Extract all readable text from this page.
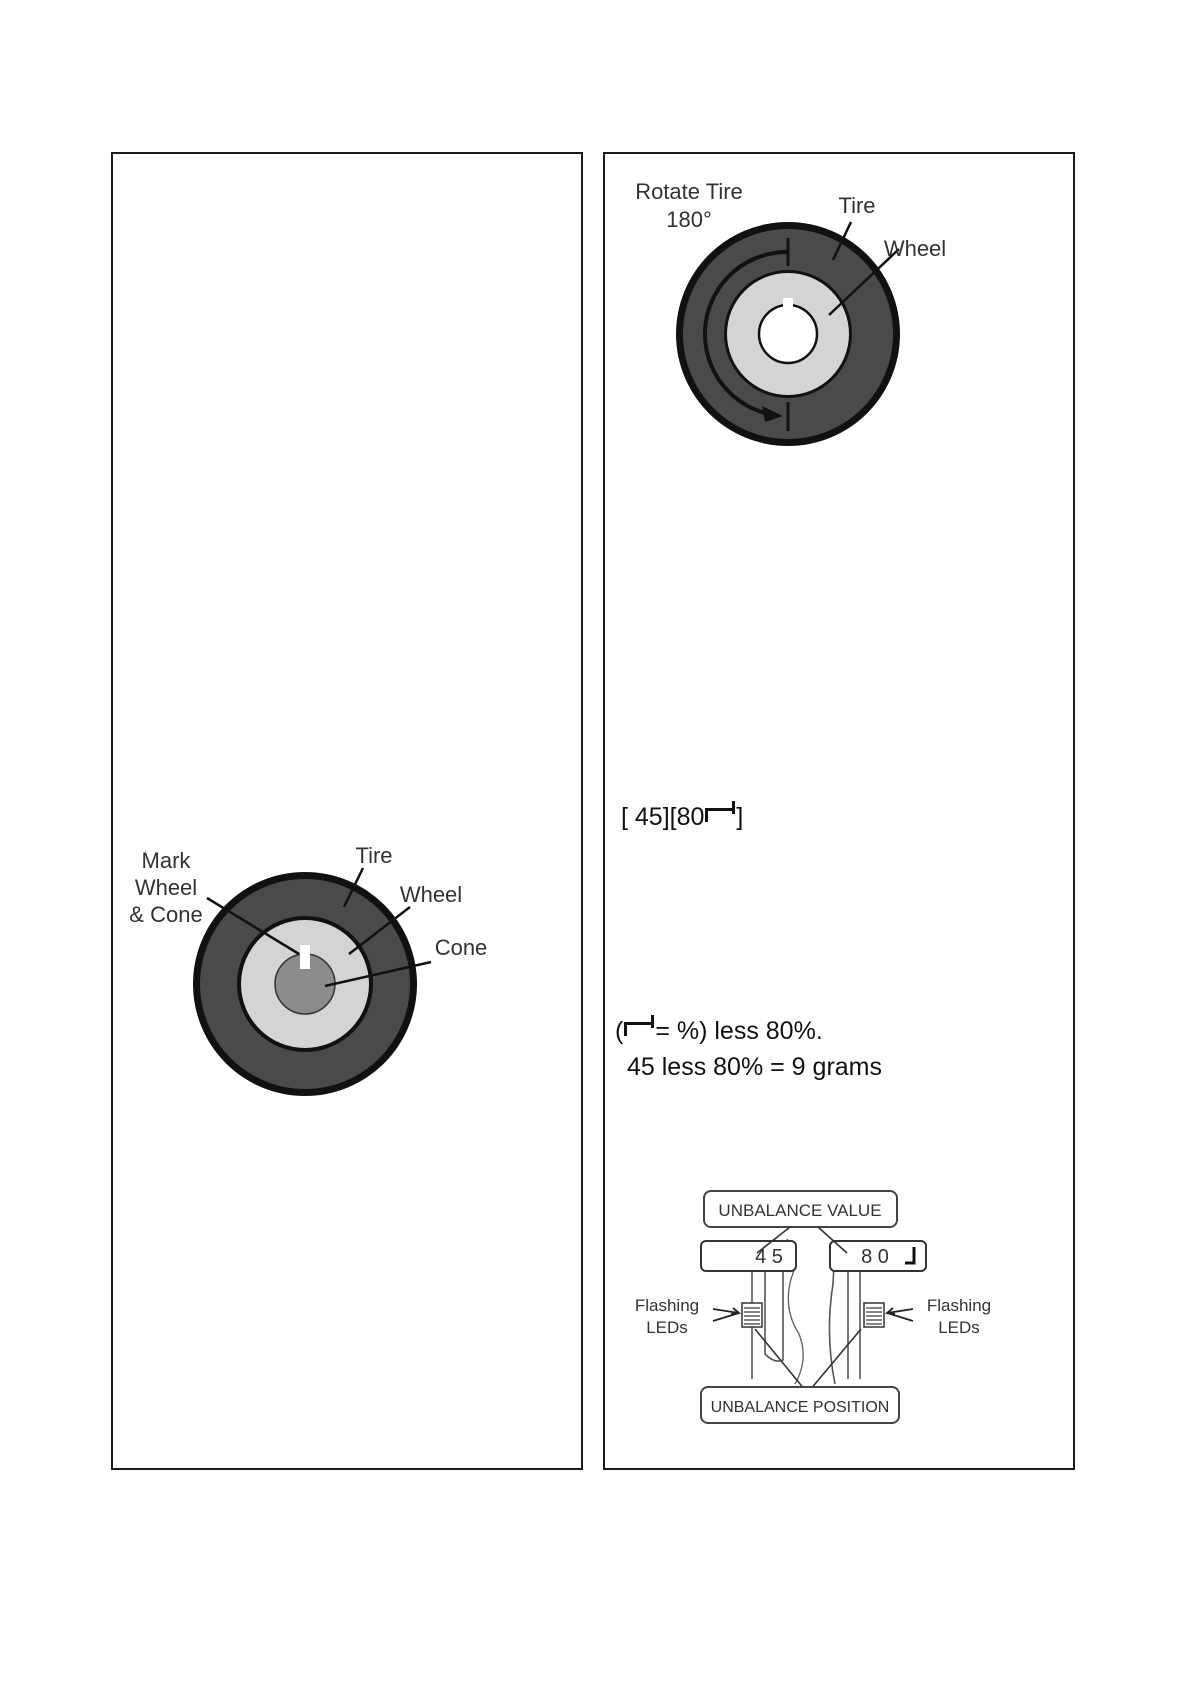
Mark
Wheel
& Cone
Tire
Wheel
Cone
Rotate Tire
180°
Tire
Wheel
[ 45][80 ]
( = %) less 80%.
45 less 80% = 9 grams
UNBALANCE VALUE
4 5	8 0
Flashing
LEDs
Flashing
LEDs
UNBALANCE POSITION
